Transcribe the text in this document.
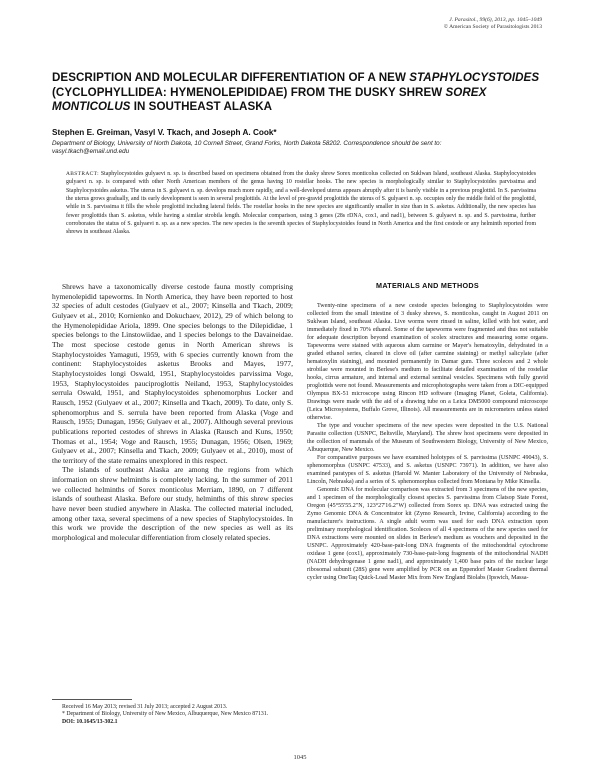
J. Parasitol., 99(6), 2013, pp. 1045–1049
© American Society of Parasitologists 2013
DESCRIPTION AND MOLECULAR DIFFERENTIATION OF A NEW STAPHYLOCYSTOIDES (CYCLOPHYLLIDEA: HYMENOLEPIDIDAE) FROM THE DUSKY SHREW SOREX MONTICOLUS IN SOUTHEAST ALASKA
Stephen E. Greiman, Vasyl V. Tkach, and Joseph A. Cook*
Department of Biology, University of North Dakota, 10 Cornell Street, Grand Forks, North Dakota 58202. Correspondence should be sent to:
vasyl.tkach@email.und.edu
ABSTRACT: Staphylocystoides gulyaevi n. sp. is described based on specimens obtained from the dusky shrew Sorex monticolus collected on Suklwan Island, southeast Alaska. Staphylocystoides gulyaevi n. sp. is compared with other North American members of the genus having 10 rostellar hooks. The new species is morphologically similar to Staphylocystoides parvissima and Staphylocystoides asketus. The uterus in S. gulyaevi n. sp. develops much more rapidly, and a well-developed uterus appears abruptly after it is barely visible in a previous proglottid. In S. parvissima the uterus grows gradually, and its early development is seen in several proglottids. At the level of pre-gravid proglottids the uterus of S. gulyaevi n. sp. occupies only the middle field of the proglottid, while in S. parvissima it fills the whole proglottid including lateral fields. The rostellar hooks in the new species are significantly smaller in size than in S. asketus. Additionally, the new species has fewer proglottids than S. asketus, while having a similar strobila length. Molecular comparison, using 3 genes (28s rDNA, cox1, and nad1), between S. gulyaevi n. sp. and S. parvissima, further corroborates the status of S. gulyaevi n. sp. as a new species. The new species is the seventh species of Staphylocystoides found in North America and the first cestode or any helminth reported from shrews in southeast Alaska.

Shrews have a taxonomically diverse cestode fauna mostly comprising hymenolepidid tapeworms. In North America, they have been reported to host 32 species of adult cestodes (Gulyaev et al., 2007; Kinsella and Tkach, 2009; Gulyaev et al., 2010; Kornienko and Dokuchaev, 2012), 29 of which belong to the Hymenolepididae Ariola, 1899. One species belongs to the Dilepididae, 1 species belongs to the Linstowiidae, and 1 species belongs to the Davaineidae. The most speciose cestode genus in North American shrews is Staphylocystoides Yamaguti, 1959, with 6 species currently known from the continent: Staphylocystoides asketus Brooks and Mayes, 1977, Staphylocystoides longi Oswald, 1951, Staphylocystoides parvissima Voge, 1953, Staphylocystoides pauciproglottis Neiland, 1953, Staphylocystoides serrula Oswald, 1951, and Staphylocystoides sphenomorphus Locker and Rausch, 1952 (Gulyaev et al., 2007; Kinsella and Tkach, 2009). To date, only S. sphenomorphus and S. serrula have been reported from Alaska (Voge and Rausch, 1955; Dunagan, 1956; Gulyaev et al., 2007). Although several previous publications reported cestodes of shrews in Alaska (Rausch and Kuns, 1950; Thomas et al., 1954; Voge and Rausch, 1955; Dunagan, 1956; Olsen, 1969; Gulyaev et al., 2007; Kinsella and Tkach, 2009; Gulyaev et al., 2010), most of the territory of the state remains unexplored in this respect.

The islands of southeast Alaska are among the regions from which information on shrew helminths is completely lacking. In the summer of 2011 we collected helminths of Sorex monticolus Merriam, 1890, on 7 different islands of southeast Alaska. Before our study, helminths of this shrew species have never been studied anywhere in Alaska. The collected material included, among other taxa, several specimens of a new species of Staphylocystoides. In this work we provide the description of the new species as well as its morphological and molecular differentiation from closely related species.

Received 16 May 2013; revised 31 July 2013; accepted 2 August 2013.

* Department of Biology, University of New Mexico, Albuquerque, New Mexico 87131.

DOI: 10.1645/13-302.1

MATERIALS AND METHODS

Twenty-nine specimens of a new cestode species belonging to Staphylocystoides were collected from the small intestine of 3 dusky shrews, S. monticolus, caught in August 2011 on Suklwan Island, southeast Alaska. Live worms were rinsed in saline, killed with hot water, and immediately fixed in 70% ethanol. Some of the tapeworms were fragmented and thus not suitable for adequate description beyond examination of scolex structures and measuring some organs. Tapeworms were stained with aqueous alum carmine or Mayer's hematoxylin, dehydrated in a graded ethanol series, cleared in clove oil (after carmine staining) or methyl salicylate (after hematoxylin staining), and mounted permanently in Damar gum. Three scoleces and 2 whole strobilae were mounted in Berlese's medium to facilitate detailed examination of the rostellar hooks, cirrus armature, and internal and external seminal vesicles. Specimens with fully gravid proglottids were not found. Measurements and microphotographs were taken from a DIC-equipped Olympus BX-51 microscope using Rincon HD software (Imaging Planet, Goleta, California). Drawings were made with the aid of a drawing tube on a Leica DM5000 compound microscope (Leica Microsystems, Buffalo Grove, Illinois). All measurements are in micrometers unless stated otherwise.

The type and voucher specimens of the new species were deposited in the U.S. National Parasite collection (USNPC, Beltsville, Maryland). The shrew host specimens were deposited in the collection of mammals of the Museum of Southwestern Biology, University of New Mexico, Albuquerque, New Mexico.

For comparative purposes we have examined holotypes of S. parvissima (USNPC 49043), S. sphenomorphus (USNPC 47533), and S. asketus (USNPC 73971). In addition, we have also examined paratypes of S. asketus (Harold W. Manter Laboratory of the University of Nebraska, Lincoln, Nebraska) and a series of S. sphenomorphus collected from Montana by Mike Kinsella.

Genomic DNA for molecular comparison was extracted from 3 specimens of the new species, and 1 specimen of the morphologically closest species S. parvissima from Clatsop State Forest, Oregon (45°55'55.2"N, 123°27'16.2"W) collected from Sorex sp. DNA was extracted using the Zymo Genomic DNA & Concentrator kit (Zymo Research, Irvine, California) according to the manufacturer's instructions. A single adult worm was used for each DNA extraction upon preliminary morphological identification. Scoleces of all 4 specimens of the new species used for DNA extractions were mounted on slides in Berlese's medium as vouchers and deposited in the USNPC. Approximately 420-base-pair-long DNA fragments of the mitochondrial cytochrome oxidase 1 gene (cox1), approximately 730-base-pair-long fragments of the mitochondrial NADH (NADH dehydrogenase 1 gene nad1), and approximately 1,400 base pairs of the nuclear large ribosomal subunit (28S) gene were amplified by PCR on an Eppendorf Master Gradient thermal cycler using OneTaq Quick-Load Master Mix from New England Biolabs (Ipswich, Massa-

1045
